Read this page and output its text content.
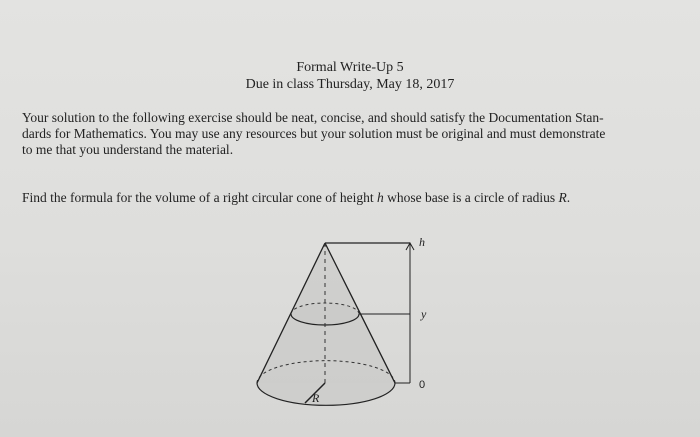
Formal Write-Up 5
Due in class Thursday, May 18, 2017
Your solution to the following exercise should be neat, concise, and should satisfy the Documentation Stan-
dards for Mathematics. You may use any resources but your solution must be original and must demonstrate
to me that you understand the material.
Find the formula for the volume of a right circular cone of height h whose base is a circle of radius R.
h
y
0
R
